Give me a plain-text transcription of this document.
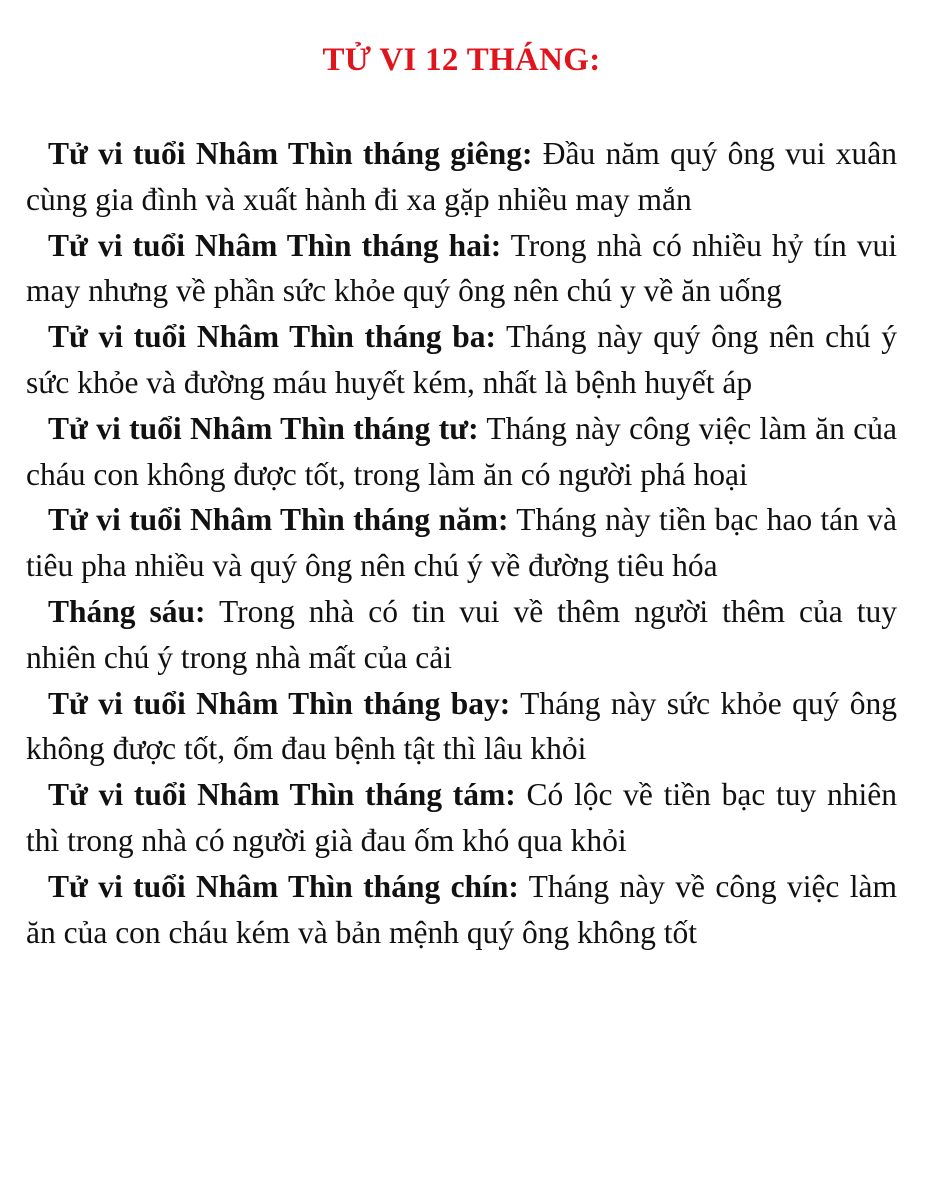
TỬ VI 12 THÁNG:

Tử vi tuổi Nhâm Thìn tháng giêng: Đầu năm quý ông vui xuân cùng gia đình và xuất hành đi xa gặp nhiều may mắn

Tử vi tuổi Nhâm Thìn tháng hai: Trong nhà có nhiều hỷ tín vui may nhưng về phần sức khỏe quý ông nên chú y về ăn uống

Tử vi tuổi Nhâm Thìn tháng ba: Tháng này quý ông nên chú ý sức khỏe và đường máu huyết kém, nhất là bệnh huyết áp

Tử vi tuổi Nhâm Thìn tháng tư: Tháng này công việc làm ăn của cháu con không được tốt, trong làm ăn có người phá hoại

Tử vi tuổi Nhâm Thìn tháng năm: Tháng này tiền bạc hao tán và tiêu pha nhiều và quý ông nên chú ý về đường tiêu hóa

Tháng sáu: Trong nhà có tin vui về thêm người thêm của tuy nhiên chú ý trong nhà mất của cải

Tử vi tuổi Nhâm Thìn tháng bay: Tháng này sức khỏe quý ông không được tốt, ốm đau bệnh tật thì lâu khỏi

Tử vi tuổi Nhâm Thìn tháng tám: Có lộc về tiền bạc tuy nhiên thì trong nhà có người già đau ốm khó qua khỏi

Tử vi tuổi Nhâm Thìn tháng chín: Tháng này về công việc làm ăn của con cháu kém và bản mệnh quý ông không tốt
